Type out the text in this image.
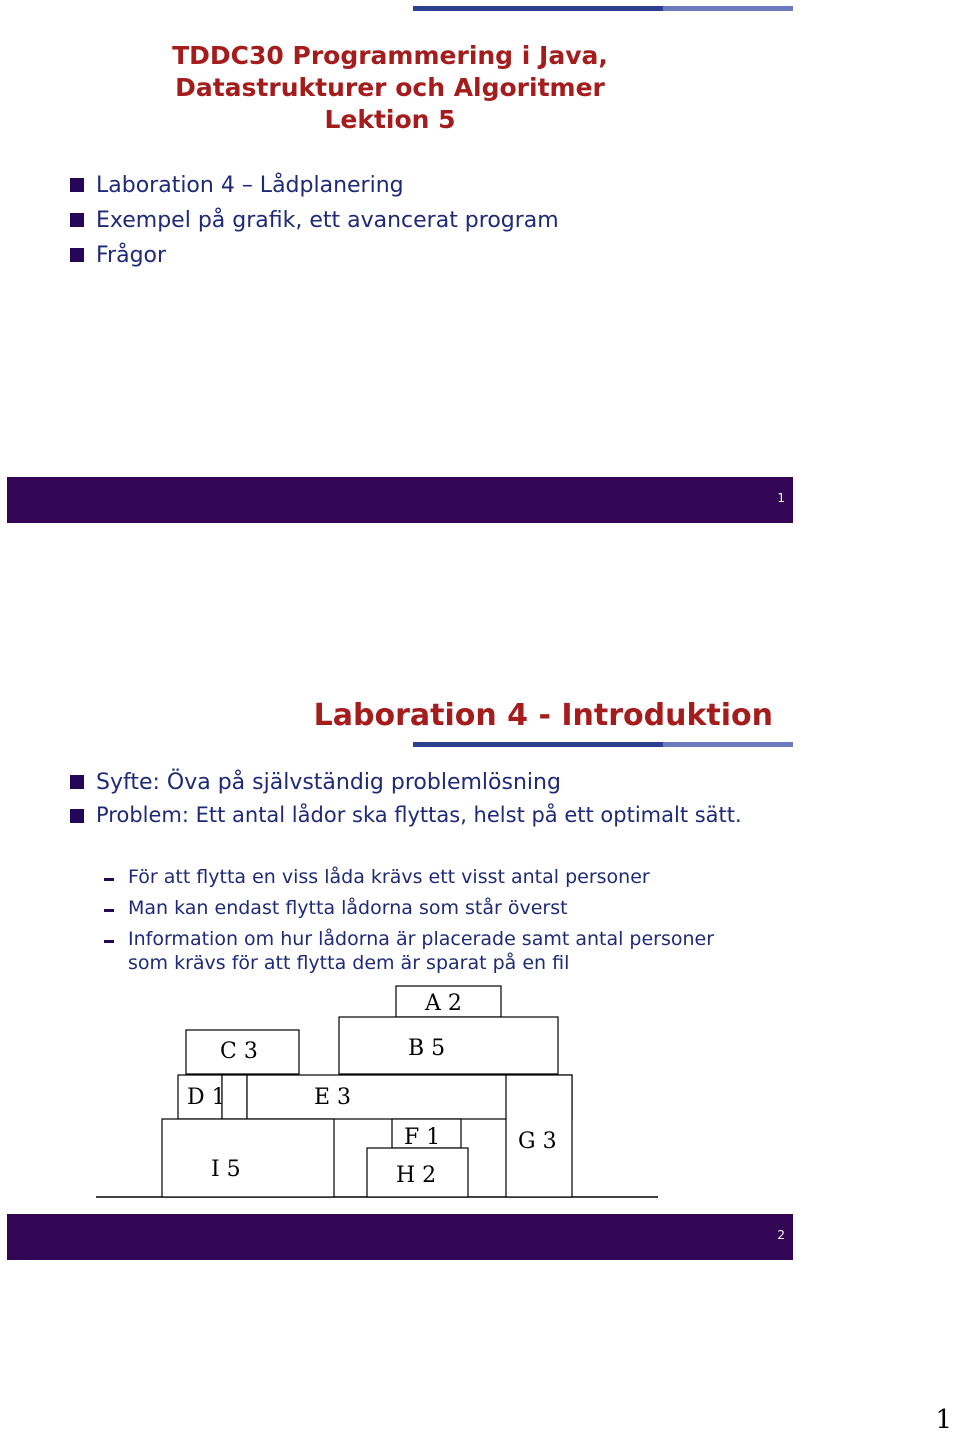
TDDC30 Programmering i Java,
Datastrukturer och Algoritmer
Lektion 5
Laboration 4 – Lådplanering
Exempel på grafik, ett avancerat program
Frågor
1
Laboration 4 - Introduktion
Syfte: Öva på självständig problemlösning
Problem: Ett antal lådor ska flyttas, helst på ett optimalt sätt.
För att flytta en viss låda krävs ett visst antal personer
Man kan endast flytta lådorna som står överst
Information om hur lådorna är placerade samt antal personer som krävs för att flytta dem är sparat på en fil
A 2
B 5
C 3
D 1	E 3
F 1	G 3
H 2
I 5
2
1
